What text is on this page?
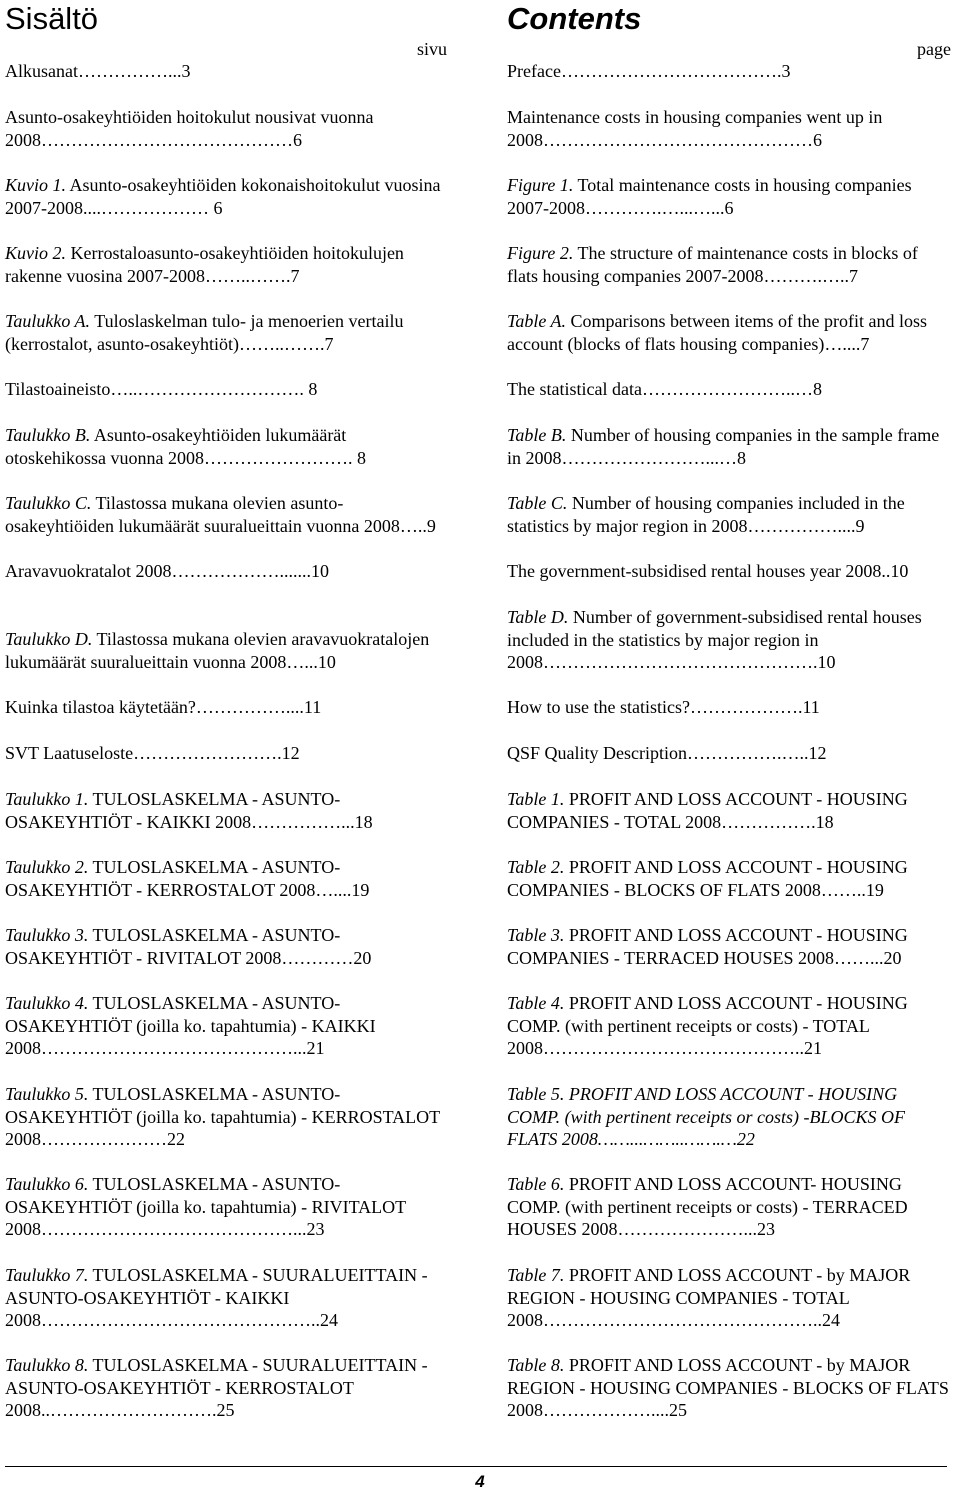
Sisältö
sivu
Alkusanat……………...3
Asunto-osakeyhtiöiden hoitokulut nousivat vuonna 2008……………………………………6
Kuvio 1. Asunto-osakeyhtiöiden kokonaishoitokulut vuosina 2007-2008....……………… 6
Kuvio 2. Kerrostaloasunto-osakeyhtiöiden hoitokulujen rakenne vuosina 2007-2008……..…….7
Taulukko A. Tuloslaskelman tulo- ja menoerien vertailu (kerrostalot, asunto-osakeyhtiöt)……..…….7
Tilastoaineisto…..………………………. 8
Taulukko B. Asunto-osakeyhtiöiden lukumäärät otoskehikossa vuonna 2008……………………. 8
Taulukko C. Tilastossa mukana olevien asunto-osakeyhtiöiden lukumäärät suuralueittain vuonna 2008…..9
Aravavuokratalot 2008……………….......10
Taulukko D. Tilastossa mukana olevien aravavuokratalojen lukumäärät suuralueittain vuonna 2008…...10
Kuinka tilastoa käytetään?……………....11
SVT Laatuseloste…………………….12
Taulukko 1. TULOSLASKELMA - ASUNTO-OSAKEYHTIÖT - KAIKKI 2008……………...18
Taulukko 2. TULOSLASKELMA - ASUNTO-OSAKEYHTIÖT - KERROSTALOT 2008…....19
Taulukko 3. TULOSLASKELMA - ASUNTO-OSAKEYHTIÖT - RIVITALOT 2008…………20
Taulukko 4. TULOSLASKELMA - ASUNTO-OSAKEYHTIÖT (joilla ko. tapahtumia) - KAIKKI 2008……………………………………...21
Taulukko 5. TULOSLASKELMA - ASUNTO-OSAKEYHTIÖT (joilla ko. tapahtumia) - KERROSTALOT 2008…………………22
Taulukko 6. TULOSLASKELMA - ASUNTO-OSAKEYHTIÖT (joilla ko. tapahtumia) - RIVITALOT 2008……………………………………...23
Taulukko 7. TULOSLASKELMA - SUURALUEITTAIN - ASUNTO-OSAKEYHTIÖT - KAIKKI 2008………………………………………..24
Taulukko 8. TULOSLASKELMA - SUURALUEITTAIN - ASUNTO-OSAKEYHTIÖT - KERROSTALOT 2008..……………………….25
Contents
page
Preface……………………………….3
Maintenance costs in housing companies went up in 2008………………………………………6
Figure 1. Total maintenance costs in housing companies 2007-2008………….…...…...6
Figure 2. The structure of maintenance costs in blocks of flats housing companies 2007-2008……….…..7
Table A. Comparisons between items of the profit and loss account (blocks of flats housing companies)…....7
The statistical data……………………..…8
Table B. Number of housing companies in the sample frame in 2008……………………...…8
Table C. Number of housing companies included in the statistics by major region in 2008……………....9
The government-subsidised rental houses year 2008..10
Table D. Number of government-subsidised rental houses included in the statistics by major region in 2008……………………………………….10
How to use the statistics?……………….11
QSF Quality Description…………….…..12
Table 1. PROFIT AND LOSS ACCOUNT - HOUSING COMPANIES - TOTAL 2008…………….18
Table 2. PROFIT AND LOSS ACCOUNT - HOUSING COMPANIES - BLOCKS OF FLATS 2008……..19
Table 3. PROFIT AND LOSS ACCOUNT - HOUSING COMPANIES - TERRACED HOUSES 2008……...20
Table 4. PROFIT AND LOSS ACCOUNT - HOUSING COMP. (with pertinent receipts or costs) - TOTAL 2008……………………………………..21
Table 5. PROFIT AND LOSS ACCOUNT - HOUSING COMP. (with pertinent receipts or costs) -BLOCKS OF FLATS 2008……...……..…….…22
Table 6. PROFIT AND LOSS ACCOUNT- HOUSING COMP. (with pertinent receipts or costs) - TERRACED HOUSES 2008…………………...23
Table 7. PROFIT AND LOSS ACCOUNT - by MAJOR REGION - HOUSING COMPANIES - TOTAL 2008………………………………………..24
Table 8. PROFIT AND LOSS ACCOUNT - by MAJOR REGION - HOUSING COMPANIES - BLOCKS OF FLATS 2008………………....25
4
